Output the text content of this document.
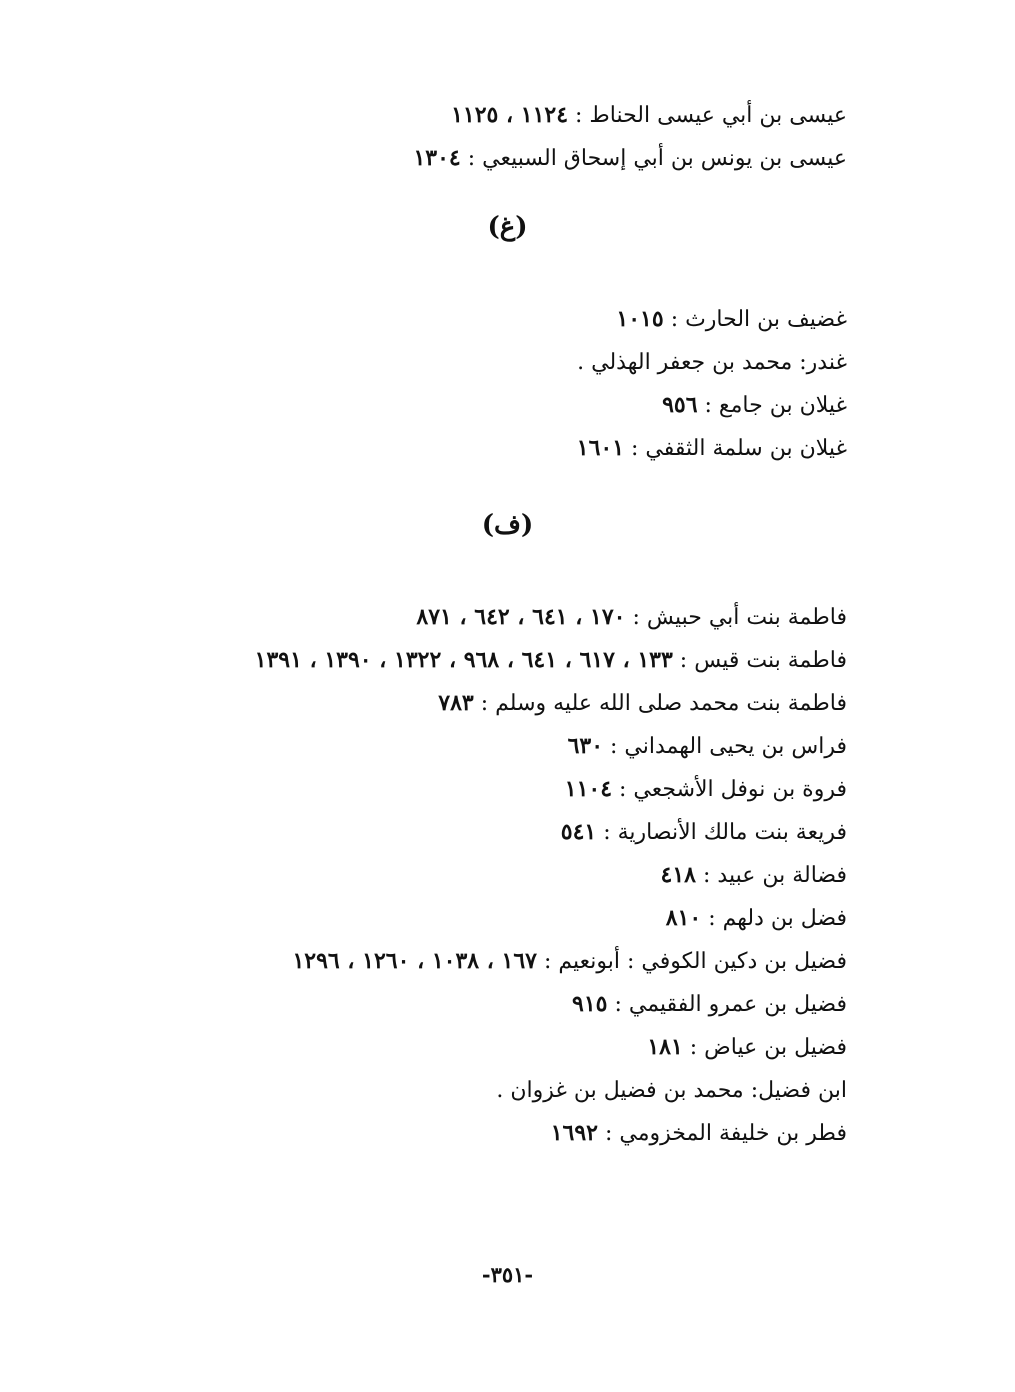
عيسى بن أبي عيسى الحناط : ١١٢٤ ، ١١٢٥
عيسى بن يونس بن أبي إسحاق السبيعي : ١٣٠٤
(غ)
غضيف بن الحارث : ١٠١٥
غندر: محمد بن جعفر الهذلي .
غيلان بن جامع : ٩٥٦
غيلان بن سلمة الثقفي : ١٦٠١
(ف)
فاطمة بنت أبي حبيش : ١٧٠ ، ٦٤١ ، ٦٤٢ ، ٨٧١
فاطمة بنت قيس : ١٣٣ ، ٦١٧ ، ٦٤١ ، ٩٦٨ ، ١٣٢٢ ، ١٣٩٠ ، ١٣٩١
فاطمة بنت محمد صلى الله عليه وسلم : ٧٨٣
فراس بن يحيى الهمداني : ٦٣٠
فروة بن نوفل الأشجعي : ١١٠٤
فريعة بنت مالك الأنصارية : ٥٤١
فضالة بن عبيد : ٤١٨
فضل بن دلهم : ٨١٠
فضيل بن دكين الكوفي : أبونعيم : ١٦٧ ، ١٠٣٨ ، ١٢٦٠ ، ١٢٩٦
فضيل بن عمرو الفقيمي : ٩١٥
فضيل بن عياض : ١٨١
ابن فضيل: محمد بن فضيل بن غزوان .
فطر بن خليفة المخزومي : ١٦٩٢
-٣٥١-
